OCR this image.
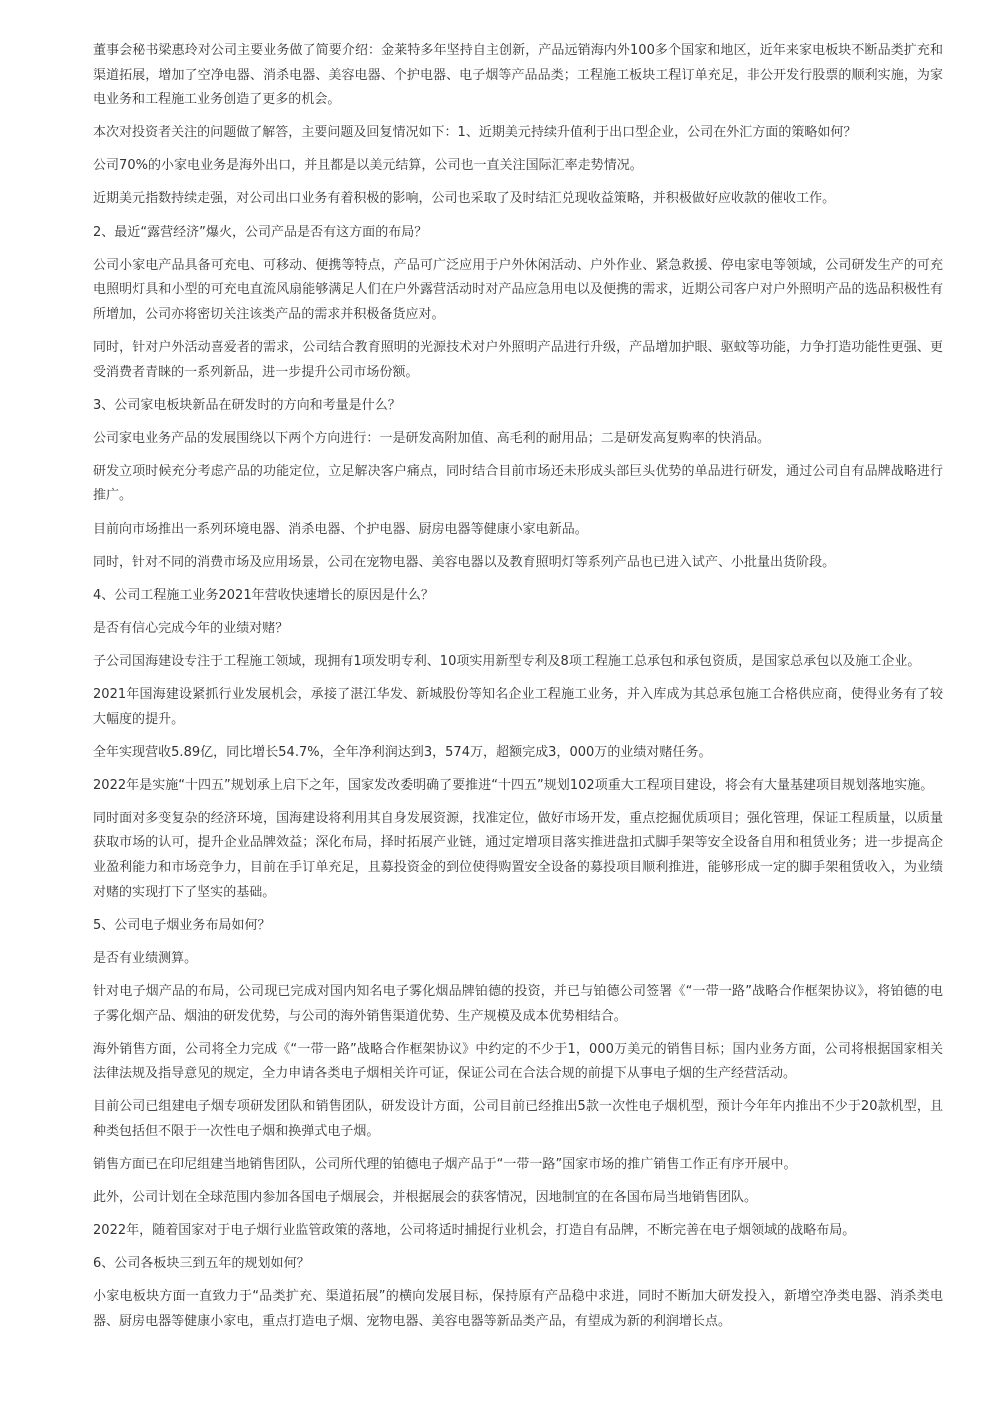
董事会秘书梁惠玲对公司主要业务做了简要介绍：金莱特多年坚持自主创新，产品远销海内外100多个国家和地区，近年来家电板块不断品类扩充和渠道拓展，增加了空净电器、消杀电器、美容电器、个护电器、电子烟等产品品类；工程施工板块工程订单充足，非公开发行股票的顺利实施，为家电业务和工程施工业务创造了更多的机会。

本次对投资者关注的问题做了解答，主要问题及回复情况如下：1、近期美元持续升值利于出口型企业，公司在外汇方面的策略如何？

公司70%的小家电业务是海外出口，并且都是以美元结算，公司也一直关注国际汇率走势情况。

近期美元指数持续走强，对公司出口业务有着积极的影响，公司也采取了及时结汇兑现收益策略，并积极做好应收款的催收工作。

2、最近“露营经济”爆火，公司产品是否有这方面的布局？

公司小家电产品具备可充电、可移动、便携等特点，产品可广泛应用于户外休闲活动、户外作业、紧急救援、停电家电等领域，公司研发生产的可充电照明灯具和小型的可充电直流风扇能够满足人们在户外露营活动时对产品应急用电以及便携的需求，近期公司客户对户外照明产品的选品积极性有所增加，公司亦将密切关注该类产品的需求并积极备货应对。

同时，针对户外活动喜爱者的需求，公司结合教育照明的光源技术对户外照明产品进行升级，产品增加护眼、驱蚊等功能，力争打造功能性更强、更受消费者青睐的一系列新品，进一步提升公司市场份额。

3、公司家电板块新品在研发时的方向和考量是什么？

公司家电业务产品的发展围绕以下两个方向进行：一是研发高附加值、高毛利的耐用品；二是研发高复购率的快消品。

研发立项时候充分考虑产品的功能定位，立足解决客户痛点，同时结合目前市场还未形成头部巨头优势的单品进行研发，通过公司自有品牌战略进行推广。

目前向市场推出一系列环境电器、消杀电器、个护电器、厨房电器等健康小家电新品。

同时，针对不同的消费市场及应用场景，公司在宠物电器、美容电器以及教育照明灯等系列产品也已进入试产、小批量出货阶段。

4、公司工程施工业务2021年营收快速增长的原因是什么？

是否有信心完成今年的业绩对赌？

子公司国海建设专注于工程施工领域，现拥有1项发明专利、10项实用新型专利及8项工程施工总承包和承包资质，是国家总承包以及施工企业。

2021年国海建设紧抓行业发展机会，承接了湛江华发、新城股份等知名企业工程施工业务，并入库成为其总承包施工合格供应商，使得业务有了较大幅度的提升。

全年实现营收5.89亿，同比增长54.7%，全年净利润达到3，574万，超额完成3，000万的业绩对赌任务。

2022年是实施“十四五”规划承上启下之年，国家发改委明确了要推进“十四五”规划102项重大工程项目建设，将会有大量基建项目规划落地实施。

同时面对多变复杂的经济环境，国海建设将利用其自身发展资源，找准定位，做好市场开发，重点挖掘优质项目；强化管理，保证工程质量，以质量获取市场的认可，提升企业品牌效益；深化布局，择时拓展产业链，通过定增项目落实推进盘扣式脚手架等安全设备自用和租赁业务；进一步提高企业盈利能力和市场竞争力，目前在手订单充足，且募投资金的到位使得购置安全设备的募投项目顺利推进，能够形成一定的脚手架租赁收入，为业绩对赌的实现打下了坚实的基础。

5、公司电子烟业务布局如何？

是否有业绩测算。

针对电子烟产品的布局，公司现已完成对国内知名电子雾化烟品牌铂德的投资，并已与铂德公司签署《“一带一路”战略合作框架协议》，将铂德的电子雾化烟产品、烟油的研发优势，与公司的海外销售渠道优势、生产规模及成本优势相结合。

海外销售方面，公司将全力完成《“一带一路”战略合作框架协议》中约定的不少于1，000万美元的销售目标；国内业务方面，公司将根据国家相关法律法规及指导意见的规定，全力申请各类电子烟相关许可证，保证公司在合法合规的前提下从事电子烟的生产经营活动。

目前公司已组建电子烟专项研发团队和销售团队，研发设计方面，公司目前已经推出5款一次性电子烟机型，预计今年年内推出不少于20款机型，且种类包括但不限于一次性电子烟和换弹式电子烟。

销售方面已在印尼组建当地销售团队，公司所代理的铂德电子烟产品于“一带一路”国家市场的推广销售工作正有序开展中。

此外，公司计划在全球范围内参加各国电子烟展会，并根据展会的获客情况，因地制宜的在各国布局当地销售团队。

2022年，随着国家对于电子烟行业监管政策的落地，公司将适时捕捉行业机会，打造自有品牌，不断完善在电子烟领域的战略布局。

6、公司各板块三到五年的规划如何？

小家电板块方面一直致力于“品类扩充、渠道拓展”的横向发展目标，保持原有产品稳中求进，同时不断加大研发投入，新增空净类电器、消杀类电器、厨房电器等健康小家电，重点打造电子烟、宠物电器、美容电器等新品类产品，有望成为新的利润增长点。
